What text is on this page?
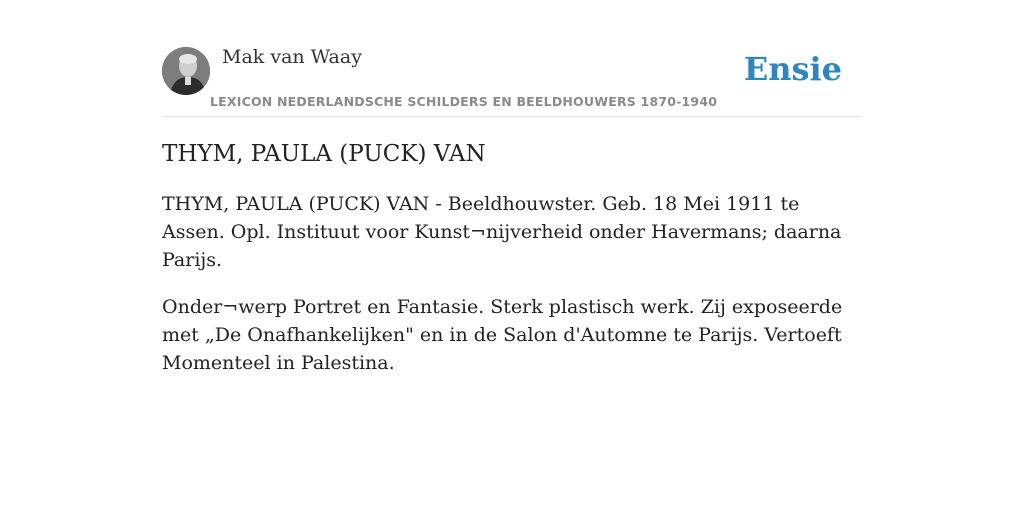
Mak van Waay
LEXICON NEDERLANDSCHE SCHILDERS EN BEELDHOUWERS 1870-1940
Ensie
THYM, PAULA (PUCK) VAN

THYM, PAULA (PUCK) VAN - Beeldhouwster. Geb. 18 Mei 1911 te Assen. Opl. Instituut voor Kunst¬nijverheid onder Havermans; daarna Parijs.

Onder¬werp Portret en Fantasie. Sterk plastisch werk. Zij exposeerde met „De Onafhankelijken" en in de Salon d'Automne te Parijs. Vertoeft Momenteel in Palestina.
